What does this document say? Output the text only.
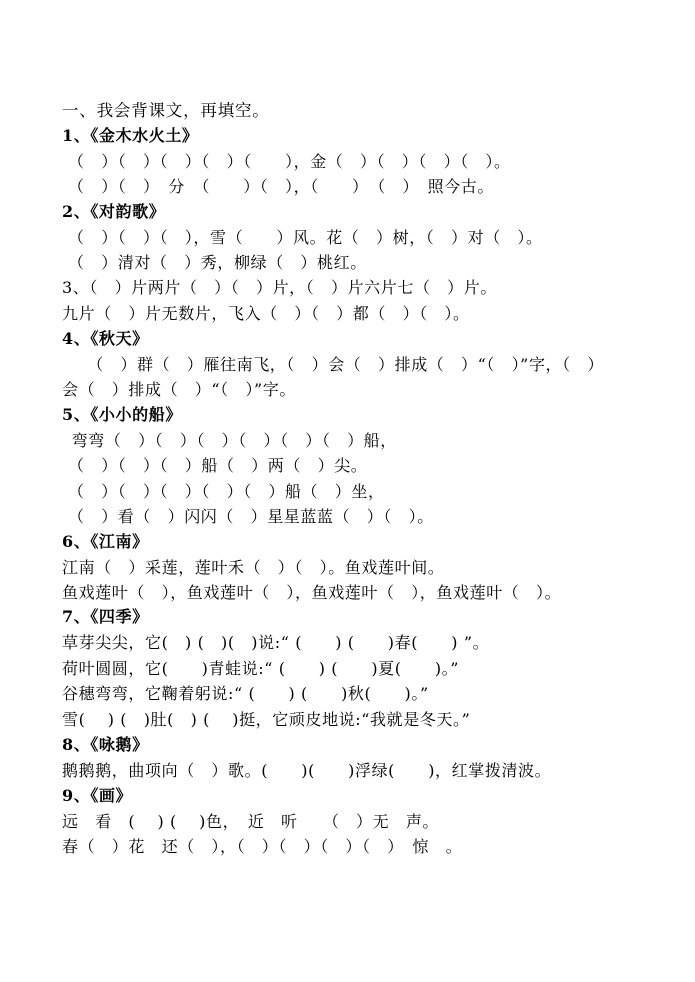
一、我会背课文，再填空。
1、《金木水火土》
（　）（　）（　）（　）（　　），金（　）（　）（　）（　）。
（　）（　）　分　（　　）（　），（　　）　（　）　照今古。
2、《对韵歌》
（　）（　）（　），雪（　　）风。花（　）树，（　）对（　）。
（　）清对（　）秀，柳绿（　）桃红。
3、（　）片两片（　）（　）片，（　）片六片七（　）片。
九片（　）片无数片，飞入（　）（　）都（　）（　）。
4、《秋天》
　　（　）群（　）雁往南飞，（　）会（　）排成（　）“（　）”字，（　）
会（　）排成（　）“（　）”字。
5、《小小的船》
弯弯（　）（　）（　）（　）（　）（　）船，
（　）（　）（　）船（　）两（　）尖。
（　）（　）（　）（　）（　）船（　）坐，
（　）看（　）闪闪（　）星星蓝蓝（　）（　）。
6、《江南》
江南（　）采莲，莲叶禾（　）（　）。鱼戏莲叶间。
鱼戏莲叶（　），鱼戏莲叶（　），鱼戏莲叶（　），鱼戏莲叶（　）。
7、《四季》
草芽尖尖，它(　) (　)(　)说:“ (　　) (　　)春(　　) ”。
荷叶圆圆，它(　　)青蛙说:“ (　　) (　　)夏(　　)。”
谷穗弯弯，它鞠着躬说:“ (　　) (　　)秋(　　)。”
雪(　 ) (　)肚(　) (　 )挺，它顽皮地说:“我就是冬天。”
8、《咏鹅》
鹅鹅鹅，曲项向（　）歌。(　　)(　　)浮绿(　　)，红掌拨清波。
9、《画》
远　看　(　 ) (　 )色，　近　听　　（　）无　声。
春（　）花　还（　），（　）（　）（　）（　）　惊　。
